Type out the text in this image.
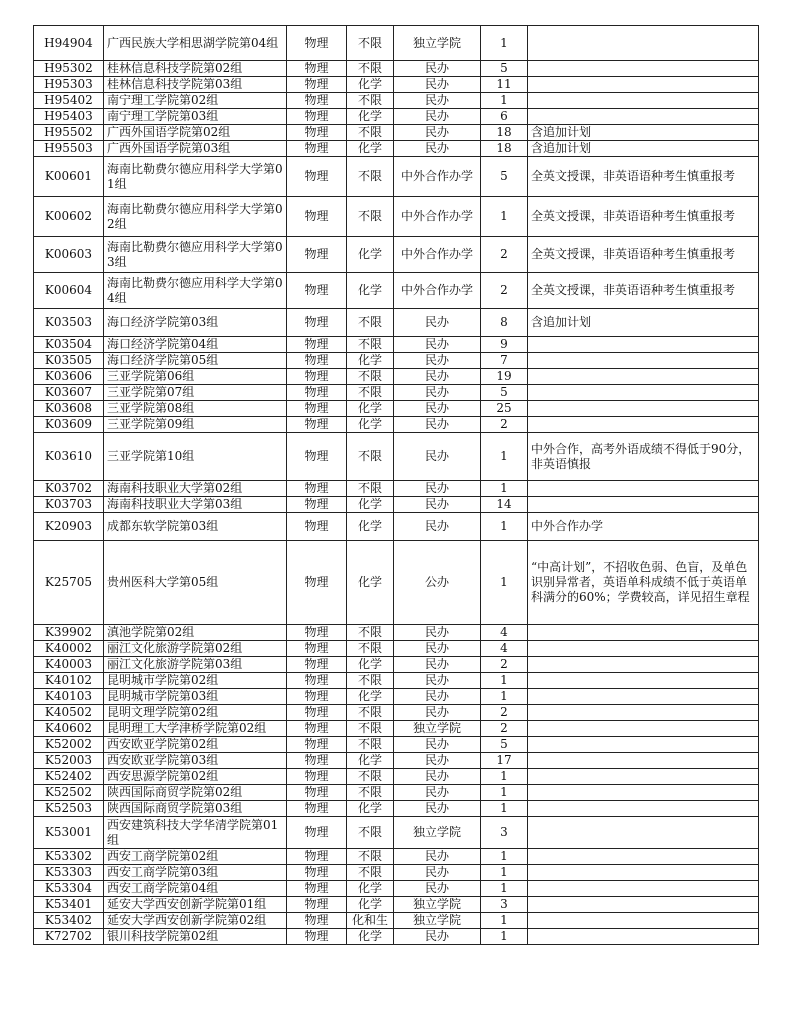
H94904	广西民族大学相思湖学院第04组	物理	不限	独立学院	1	
H95302	桂林信息科技学院第02组	物理	不限	民办	5	
H95303	桂林信息科技学院第03组	物理	化学	民办	11	
H95402	南宁理工学院第02组	物理	不限	民办	1	
H95403	南宁理工学院第03组	物理	化学	民办	6	
H95502	广西外国语学院第02组	物理	不限	民办	18	含追加计划
H95503	广西外国语学院第03组	物理	化学	民办	18	含追加计划
K00601	海南比勒费尔德应用科学大学第01组	物理	不限	中外合作办学	5	全英文授课，非英语语种考生慎重报考
K00602	海南比勒费尔德应用科学大学第02组	物理	不限	中外合作办学	1	全英文授课，非英语语种考生慎重报考
K00603	海南比勒费尔德应用科学大学第03组	物理	化学	中外合作办学	2	全英文授课，非英语语种考生慎重报考
K00604	海南比勒费尔德应用科学大学第04组	物理	化学	中外合作办学	2	全英文授课，非英语语种考生慎重报考
K03503	海口经济学院第03组	物理	不限	民办	8	含追加计划
K03504	海口经济学院第04组	物理	不限	民办	9	
K03505	海口经济学院第05组	物理	化学	民办	7	
K03606	三亚学院第06组	物理	不限	民办	19	
K03607	三亚学院第07组	物理	不限	民办	5	
K03608	三亚学院第08组	物理	化学	民办	25	
K03609	三亚学院第09组	物理	化学	民办	2	
K03610	三亚学院第10组	物理	不限	民办	1	中外合作，高考外语成绩不得低于90分，非英语慎报
K03702	海南科技职业大学第02组	物理	不限	民办	1	
K03703	海南科技职业大学第03组	物理	化学	民办	14	
K20903	成都东软学院第03组	物理	化学	民办	1	中外合作办学
K25705	贵州医科大学第05组	物理	化学	公办	1	“中高计划”，不招收色弱、色盲，及单色识别异常者，英语单科成绩不低于英语单科满分的60%；学费较高，详见招生章程
K39902	滇池学院第02组	物理	不限	民办	4	
K40002	丽江文化旅游学院第02组	物理	不限	民办	4	
K40003	丽江文化旅游学院第03组	物理	化学	民办	2	
K40102	昆明城市学院第02组	物理	不限	民办	1	
K40103	昆明城市学院第03组	物理	化学	民办	1	
K40502	昆明文理学院第02组	物理	不限	民办	2	
K40602	昆明理工大学津桥学院第02组	物理	不限	独立学院	2	
K52002	西安欧亚学院第02组	物理	不限	民办	5	
K52003	西安欧亚学院第03组	物理	化学	民办	17	
K52402	西安思源学院第02组	物理	不限	民办	1	
K52502	陕西国际商贸学院第02组	物理	不限	民办	1	
K52503	陕西国际商贸学院第03组	物理	化学	民办	1	
K53001	西安建筑科技大学华清学院第01组	物理	不限	独立学院	3	
K53302	西安工商学院第02组	物理	不限	民办	1	
K53303	西安工商学院第03组	物理	不限	民办	1	
K53304	西安工商学院第04组	物理	化学	民办	1	
K53401	延安大学西安创新学院第01组	物理	化学	独立学院	3	
K53402	延安大学西安创新学院第02组	物理	化和生	独立学院	1	
K72702	银川科技学院第02组	物理	化学	民办	1	
